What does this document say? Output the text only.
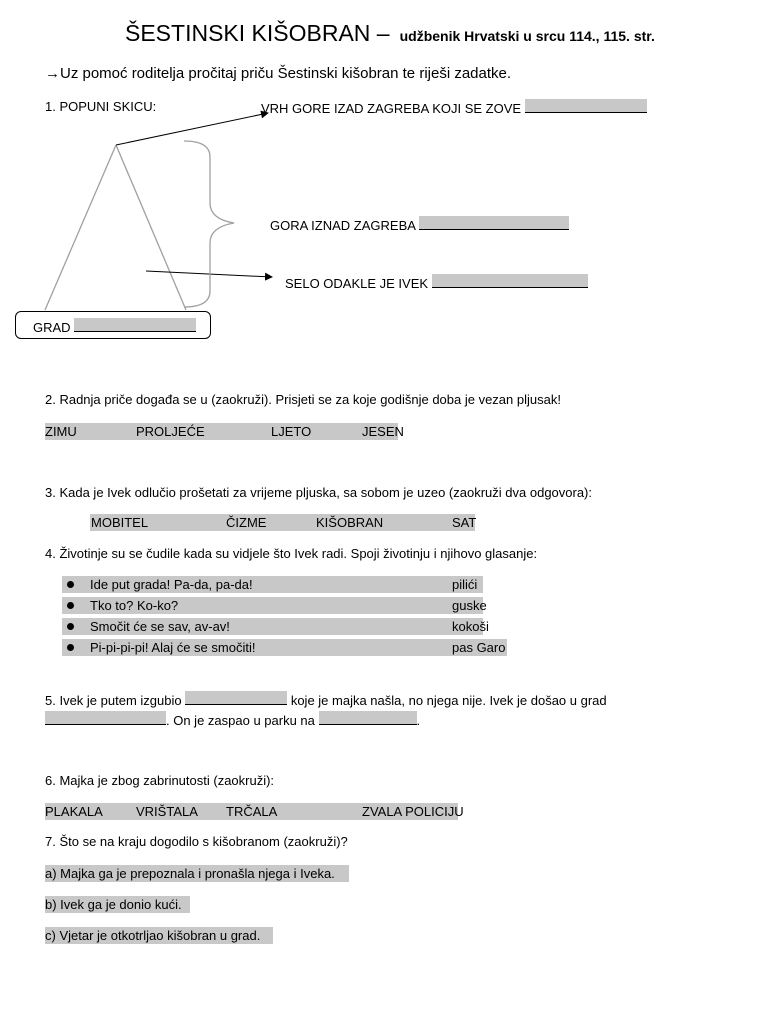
ŠESTINSKI KIŠOBRAN – udžbenik Hrvatski u srcu 114., 115. str.
→Uz pomoć roditelja pročitaj priču Šestinski kišobran te riješi zadatke.
1. POPUNI SKICU:	VRH GORE IZAD ZAGREBA KOJI SE ZOVE
GORA IZNAD ZAGREBA
SELO ODAKLE JE IVEK
GRAD
2. Radnja priče događa se u (zaokruži). Prisjeti se za koje godišnje doba je vezan pljusak!
ZIMU	PROLJEĆE	LJETO	JESEN
3. Kada je Ivek odlučio prošetati za vrijeme pljuska, sa sobom je uzeo (zaokruži dva odgovora):
MOBITEL	ČIZME	KIŠOBRAN	SAT
4. Životinje su se čudile kada su vidjele što Ivek radi. Spoji životinju i njihovo glasanje:
Ide put grada! Pa-da, pa-da!	pilići
Tko to? Ko-ko?	guske
Smočit će se sav, av-av!	kokoši
Pi-pi-pi-pi! Alaj će se smočiti!	pas Garo
5. Ivek je putem izgubio	koje je majka našla, no njega nije. Ivek je došao u grad
. On je zaspao u parku na	.
6. Majka je zbog zabrinutosti (zaokruži):
PLAKALA	VRIŠTALA TRČALA	ZVALA POLICIJU
7. Što se na kraju dogodilo s kišobranom (zaokruži)?
a) Majka ga je prepoznala i pronašla njega i Iveka.
b) Ivek ga je donio kući.
c) Vjetar je otkotrljao kišobran u grad.
